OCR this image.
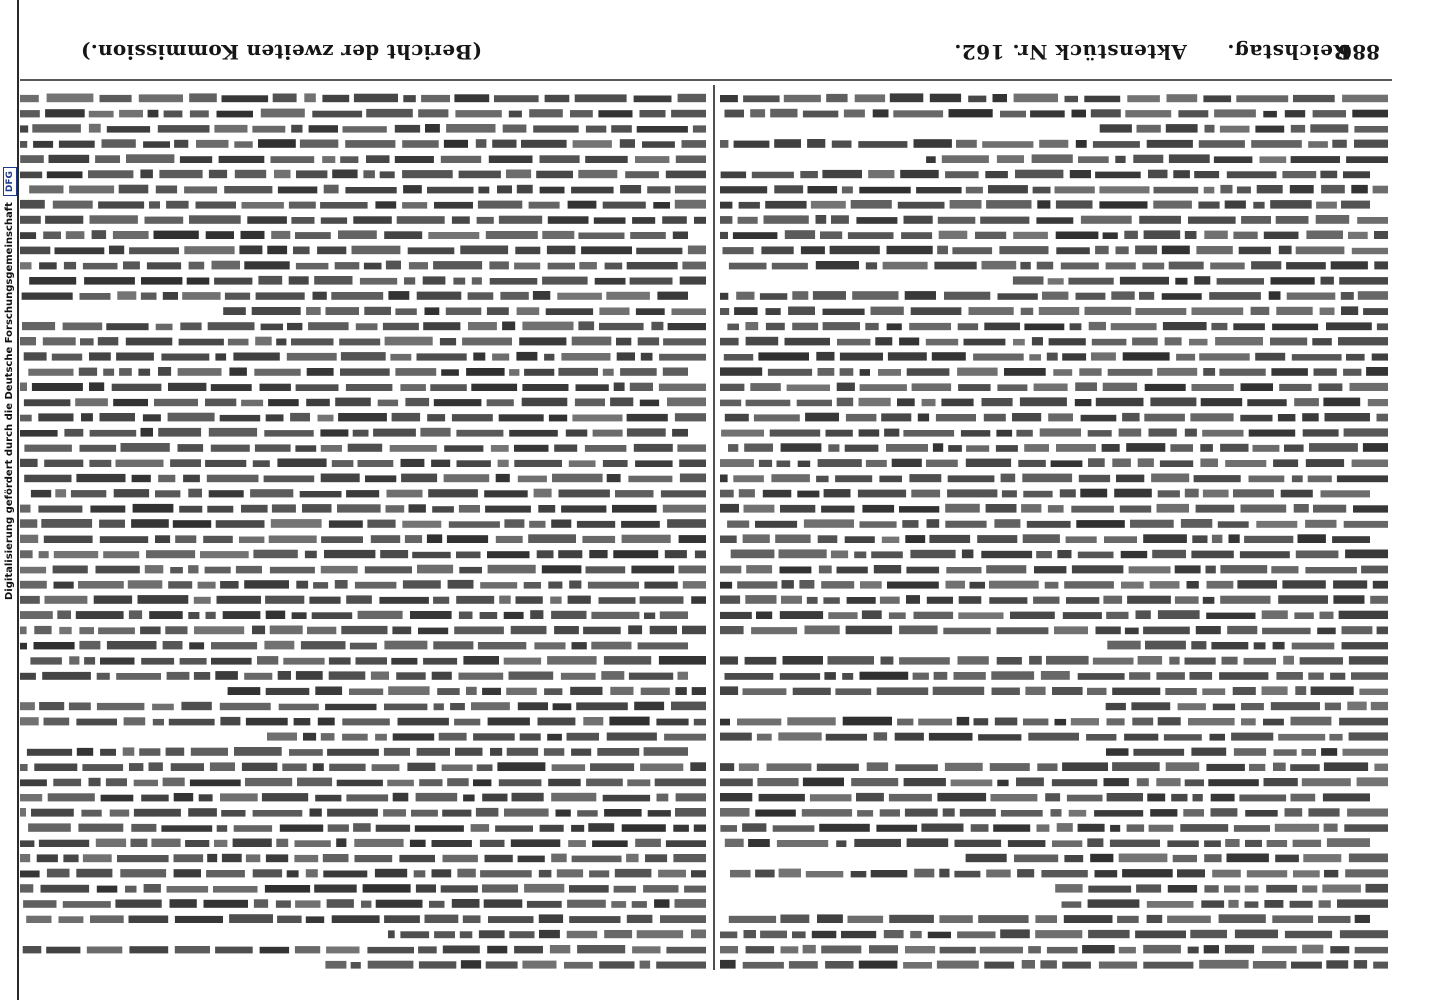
886
Reichstag.Aktenstück Nr. 162.
(Bericht der zweiten Kommission.)
Digitalisierung gefördert durch die Deutsche ForschungsgemeinschaftDFG
